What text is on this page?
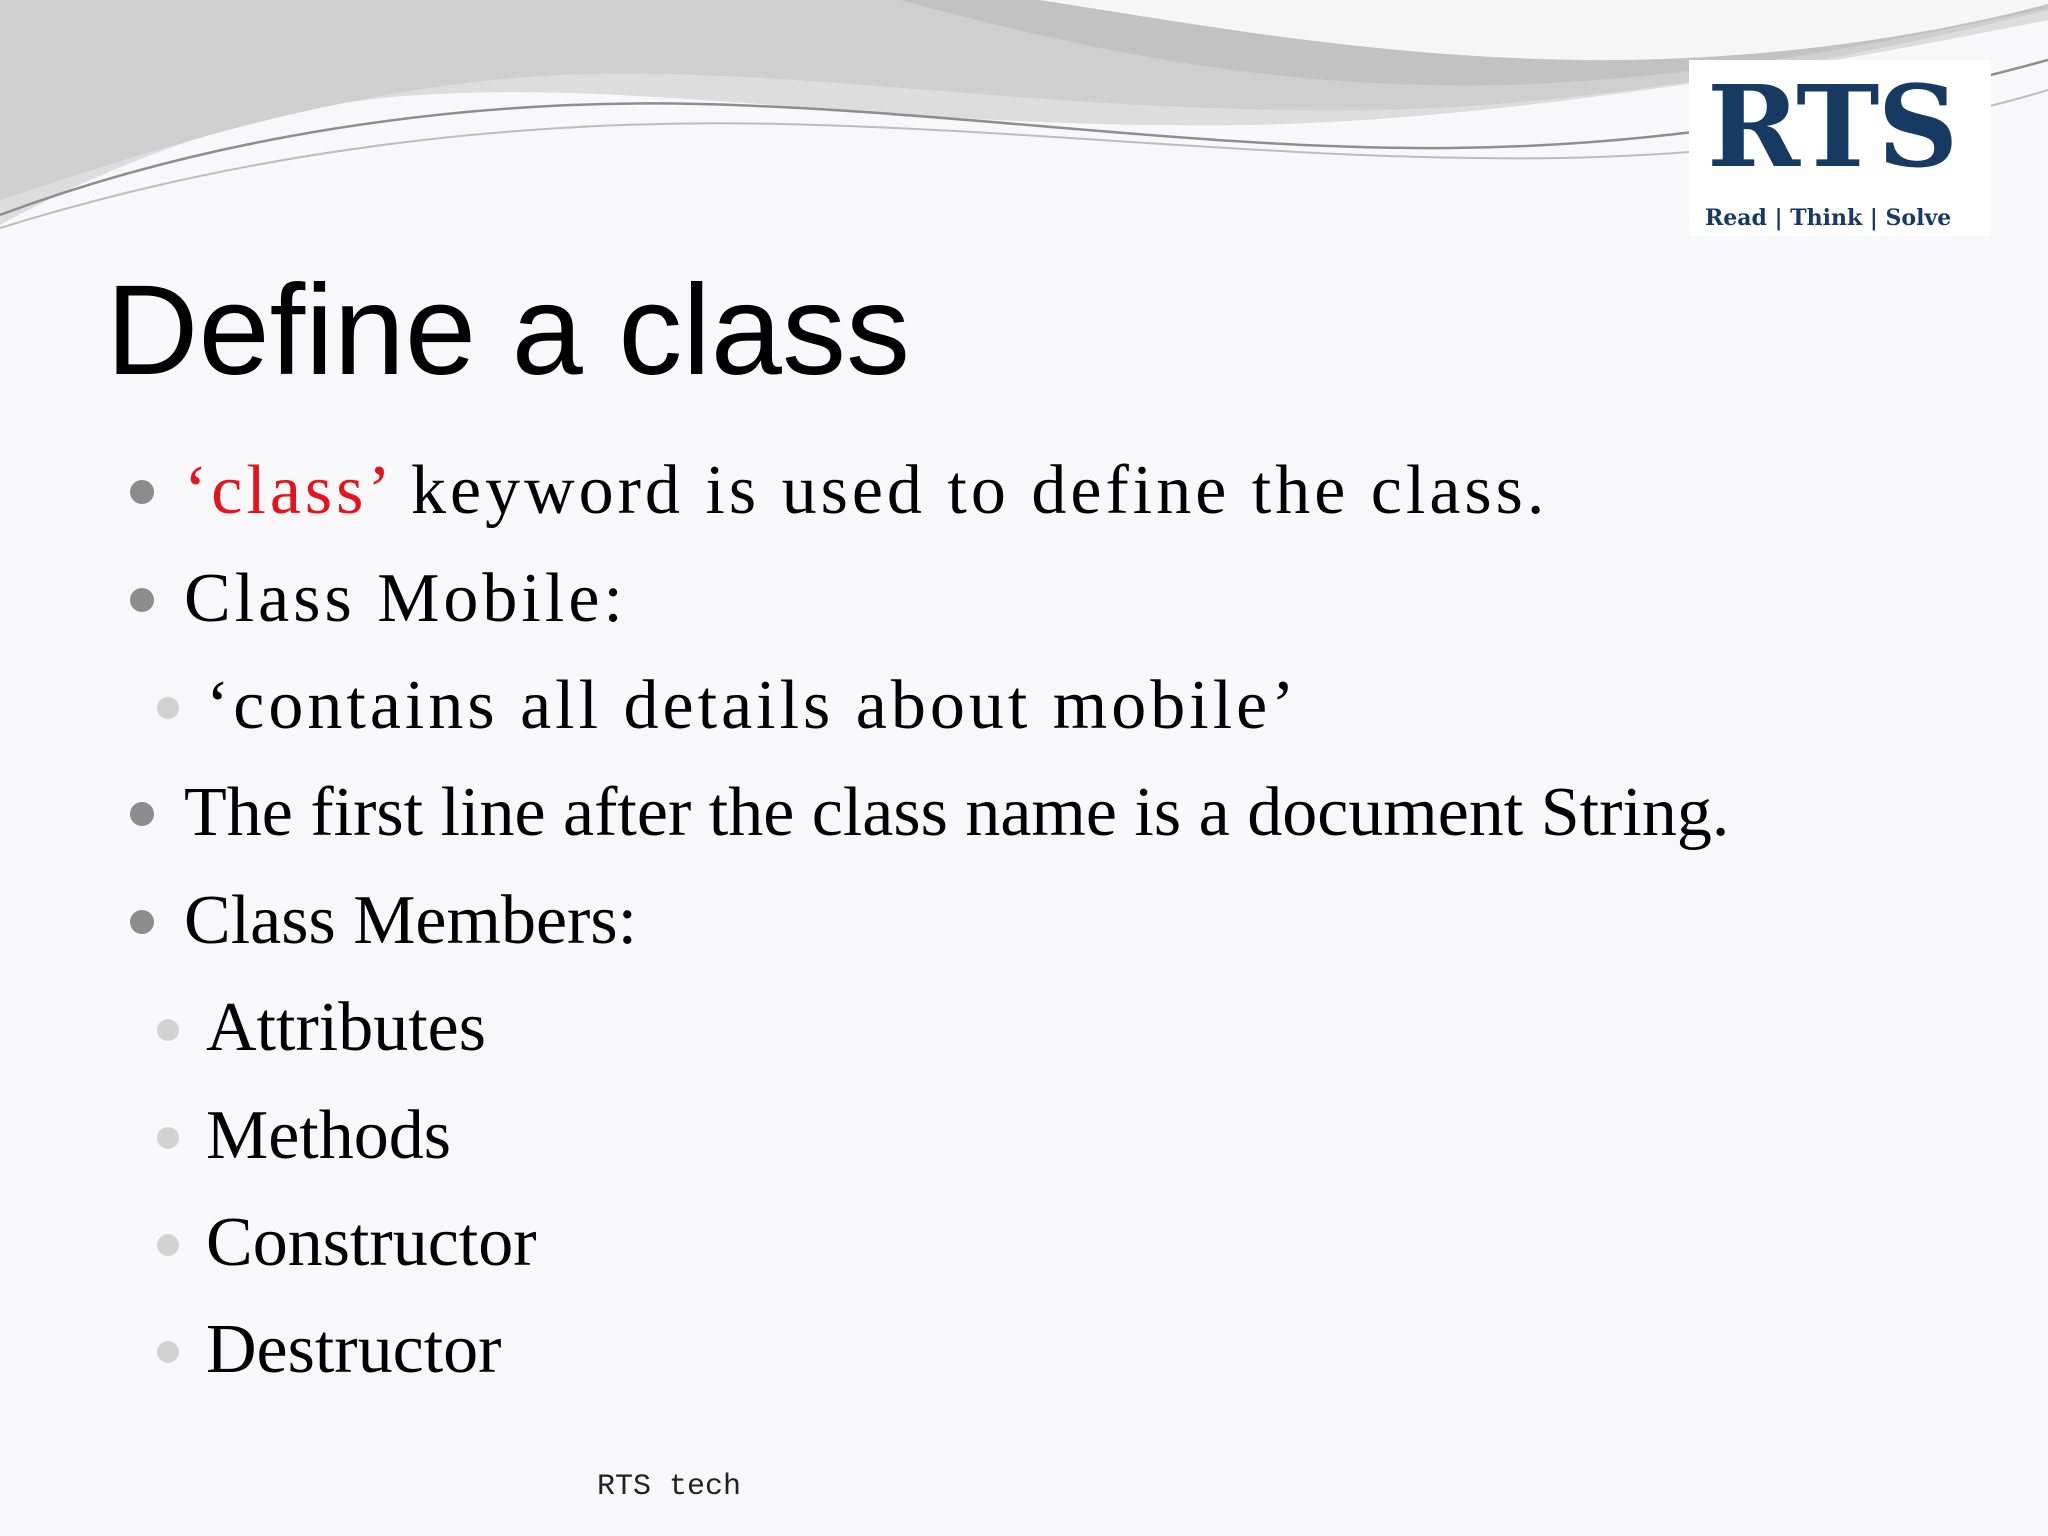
RTS
Read | Think | Solve
Define a class
‘class’ keyword is used to define the class.
Class Mobile:
‘contains all details about mobile’
The first line after the class name is a document String.
Class Members:
Attributes
Methods
Constructor
Destructor
RTS tech
